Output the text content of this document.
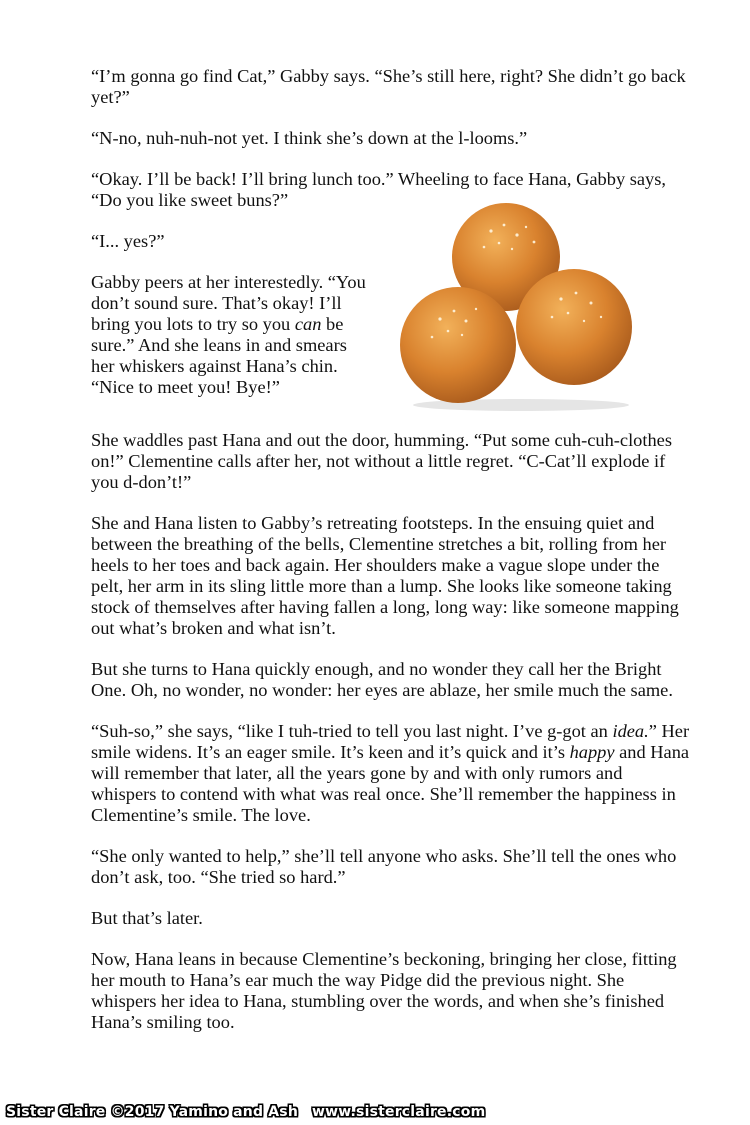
“I’m gonna go find Cat,” Gabby says. “She’s still here, right? She didn’t go back yet?”

“N-no, nuh-nuh-not yet. I think she’s down at the l-looms.”

“Okay. I’ll be back! I’ll bring lunch too.” Wheeling to face Hana, Gabby says, “Do you like sweet buns?”

“I... yes?”

Gabby peers at her interestedly. “You don’t sound sure. That’s okay! I’ll bring you lots to try so you can be sure.” And she leans in and smears her whiskers against Hana’s chin. “Nice to meet you! Bye!”

She waddles past Hana and out the door, humming. “Put some cuh-cuh-clothes on!” Clementine calls after her, not without a little regret. “C-Cat’ll explode if you d-don’t!”

She and Hana listen to Gabby’s retreating footsteps. In the ensuing quiet and between the breathing of the bells, Clementine stretches a bit, rolling from her heels to her toes and back again. Her shoulders make a vague slope under the pelt, her arm in its sling little more than a lump. She looks like someone taking stock of themselves after having fallen a long, long way: like someone mapping out what’s broken and what isn’t.

But she turns to Hana quickly enough, and no wonder they call her the Bright One. Oh, no wonder, no wonder: her eyes are ablaze, her smile much the same.

“Suh-so,” she says, “like I tuh-tried to tell you last night. I’ve g-got an idea.” Her smile widens. It’s an eager smile. It’s keen and it’s quick and it’s happy and Hana will remember that later, all the years gone by and with only rumors and whispers to contend with what was real once. She’ll remember the happiness in Clementine’s smile. The love.

“She only wanted to help,” she’ll tell anyone who asks. She’ll tell the ones who don’t ask, too. “She tried so hard.”

But that’s later.

Now, Hana leans in because Clementine’s beckoning, bringing her close, fitting her mouth to Hana’s ear much the way Pidge did the previous night. She whispers her idea to Hana, stumbling over the words, and when she’s finished Hana’s smiling too.

Sister Claire ©2017 Yamino and Ash www.sisterclaire.com
